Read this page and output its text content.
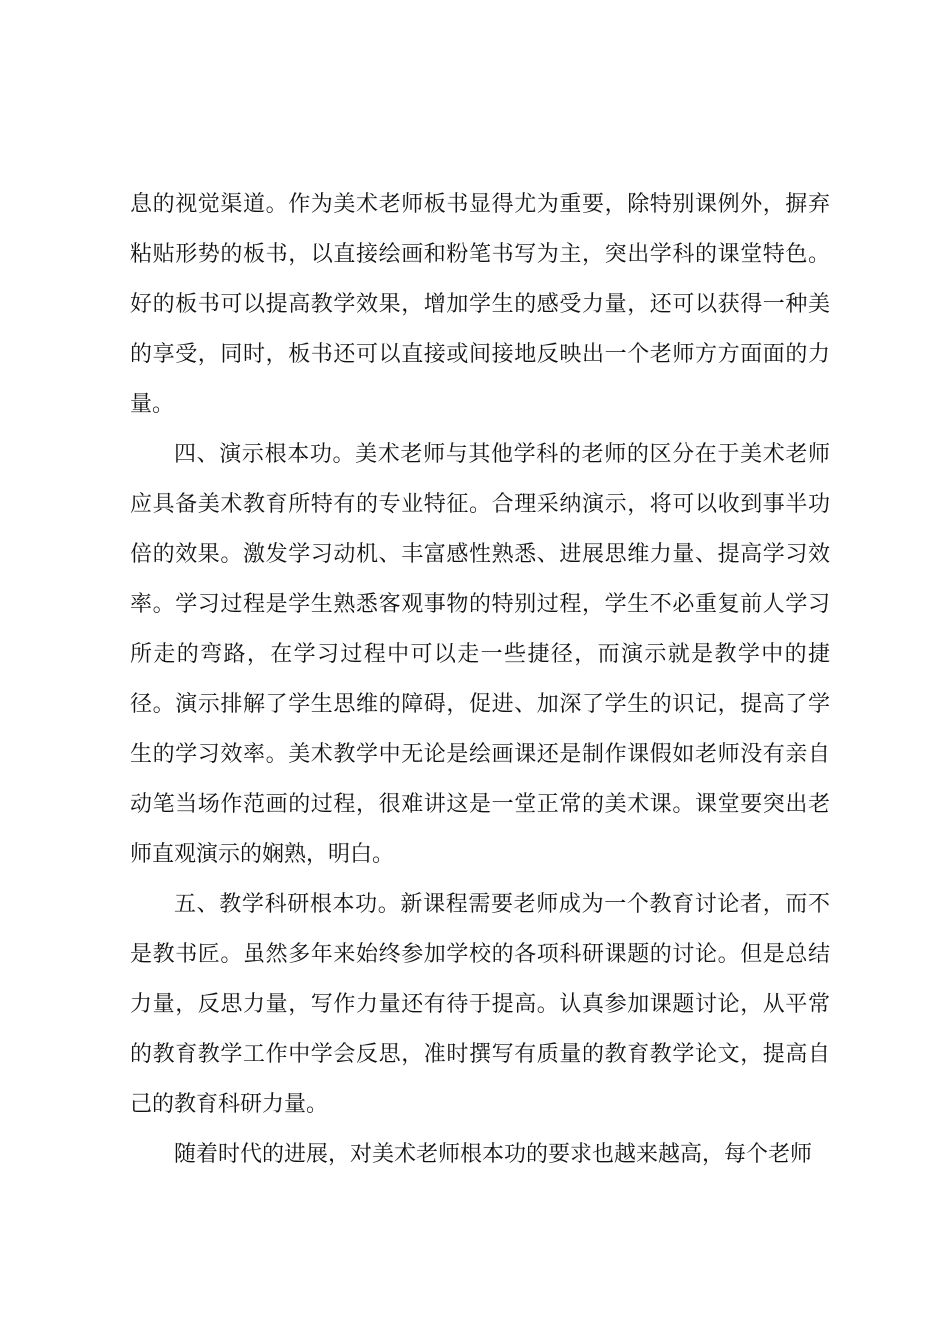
息的视觉渠道。作为美术老师板书显得尤为重要，除特别课例外，摒弃粘贴形势的板书，以直接绘画和粉笔书写为主，突出学科的课堂特色。好的板书可以提高教学效果，增加学生的感受力量，还可以获得一种美的享受，同时，板书还可以直接或间接地反映出一个老师方方面面的力量。

四、演示根本功。美术老师与其他学科的老师的区分在于美术老师应具备美术教育所特有的专业特征。合理采纳演示，将可以收到事半功倍的效果。激发学习动机、丰富感性熟悉、进展思维力量、提高学习效率。学习过程是学生熟悉客观事物的特别过程，学生不必重复前人学习所走的弯路，在学习过程中可以走一些捷径，而演示就是教学中的捷径。演示排解了学生思维的障碍，促进、加深了学生的识记，提高了学生的学习效率。美术教学中无论是绘画课还是制作课假如老师没有亲自动笔当场作范画的过程，很难讲这是一堂正常的美术课。课堂要突出老师直观演示的娴熟，明白。

五、教学科研根本功。新课程需要老师成为一个教育讨论者，而不是教书匠。虽然多年来始终参加学校的各项科研课题的讨论。但是总结力量，反思力量，写作力量还有待于提高。认真参加课题讨论，从平常的教育教学工作中学会反思，准时撰写有质量的教育教学论文，提高自己的教育科研力量。

随着时代的进展，对美术老师根本功的要求也越来越高，每个老师
